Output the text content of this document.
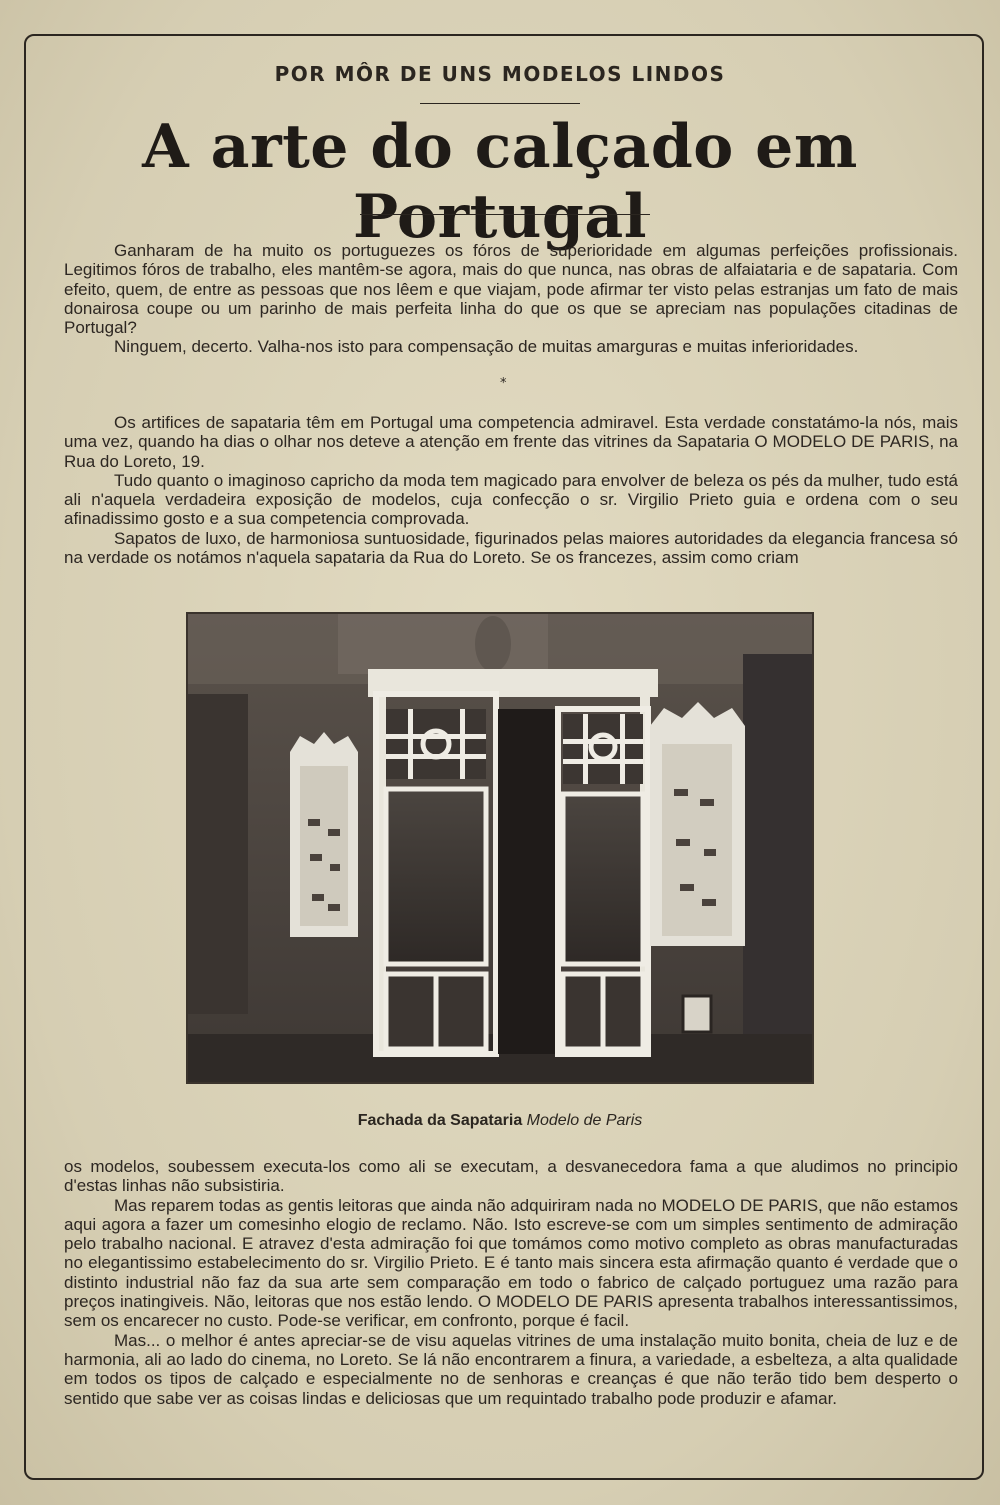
POR MÔR DE UNS MODELOS LINDOS
A arte do calçado em Portugal

Ganharam de ha muito os portuguezes os fóros de superioridade em algumas perfeições profissionais. Legitimos fóros de trabalho, eles mantêm-se agora, mais do que nunca, nas obras de alfaiataria e de sapataria. Com efeito, quem, de entre as pessoas que nos lêem e que viajam, pode afirmar ter visto pelas estranjas um fato de mais donairosa coupe ou um parinho de mais perfeita linha do que os que se apreciam nas populações citadinas de Portugal?

Ninguem, decerto. Valha-nos isto para compensação de muitas amarguras e muitas inferioridades.

*

Os artifices de sapataria têm em Portugal uma competencia admiravel. Esta verdade constatámo-la nós, mais uma vez, quando ha dias o olhar nos deteve a atenção em frente das vitrines da Sapataria O MODELO DE PARIS, na Rua do Loreto, 19.

Tudo quanto o imaginoso capricho da moda tem magicado para envolver de beleza os pés da mulher, tudo está ali n'aquela verdadeira exposição de modelos, cuja confecção o sr. Virgilio Prieto guia e ordena com o seu afinadissimo gosto e a sua competencia comprovada.

Sapatos de luxo, de harmoniosa suntuosidade, figurinados pelas maiores autoridades da elegancia francesa só na verdade os notámos n'aquela sapataria da Rua do Loreto. Se os francezes, assim como criam

Fachada da Sapataria Modelo de Paris

os modelos, soubessem executa-los como ali se executam, a desvanecedora fama a que aludimos no principio d'estas linhas não subsistiria.

Mas reparem todas as gentis leitoras que ainda não adquiriram nada no MODELO DE PARIS, que não estamos aqui agora a fazer um comesinho elogio de reclamo. Não. Isto escreve-se com um simples sentimento de admiração pelo trabalho nacional. E atravez d'esta admiração foi que tomámos como motivo completo as obras manufacturadas no elegantissimo estabelecimento do sr. Virgilio Prieto. E é tanto mais sincera esta afirmação quanto é verdade que o distinto industrial não faz da sua arte sem comparação em todo o fabrico de calçado portuguez uma razão para preços inatingiveis. Não, leitoras que nos estão lendo. O MODELO DE PARIS apresenta trabalhos interessantissimos, sem os encarecer no custo. Pode-se verificar, em confronto, porque é facil.

Mas... o melhor é antes apreciar-se de visu aquelas vitrines de uma instalação muito bonita, cheia de luz e de harmonia, ali ao lado do cinema, no Loreto. Se lá não encontrarem a finura, a variedade, a esbelteza, a alta qualidade em todos os tipos de calçado e especialmente no de senhoras e creanças é que não terão tido bem desperto o sentido que sabe ver as coisas lindas e deliciosas que um requintado trabalho pode produzir e afamar.
